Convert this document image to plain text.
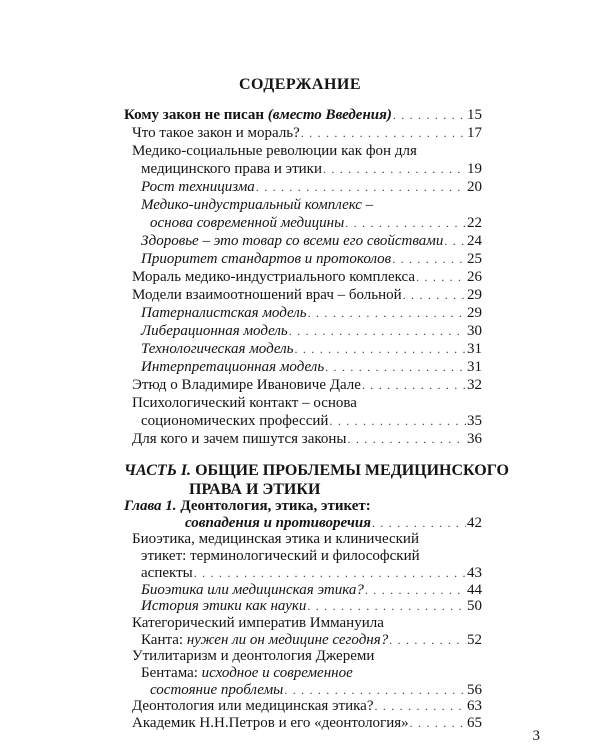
СОДЕРЖАНИЕ
Кому закон не писан (вместо Введения) . . .	15
Что такое закон и мораль? . . .	17
Медико-социальные революции как фон для
медицинского права и этики . . .	19
Рост техницизма . . .	20
Медико-индустриальный комплекс –
основа современной медицины . . .	22
Здоровье – это товар со всеми его свойствами . . . 24
Приоритет стандартов и протоколов . . .	25
Мораль медико-индустриального комплекса . . .	26
Модели взаимоотношений врач – больной . . .	29
Патерналистская модель . . .	29
Либерационная модель . . .	30
Технологическая модель . . .	31
Интерпретационная модель . . .	31
Этюд о Владимире Ивановиче Дале . . .	32
Психологический контакт – основа
социономических профессий . . .	35
Для кого и зачем пишутся законы . . .	36
ЧАСТЬ I. ОБЩИЕ ПРОБЛЕМЫ МЕДИЦИНСКОГО
ПРАВА И ЭТИКИ
Глава 1. Деонтология, этика, этикет:
совпадения и противоречия . . .	42
Биоэтика, медицинская этика и клинический
этикет: терминологический и философский
аспекты . . .	43
Биоэтика или медицинская этика? . . .	44
История этики как науки . . .	50
Категорический императив Иммануила
Канта: нужен ли он медицине сегодня? . . .	52
3
Утилитаризм и деонтология Джереми
Бентама: исходное и современное
состояние проблемы . . .	56
Деонтология или медицинская этика? . . .	63
Академик Н.Н.Петров и его «деонтология» . . .	65
